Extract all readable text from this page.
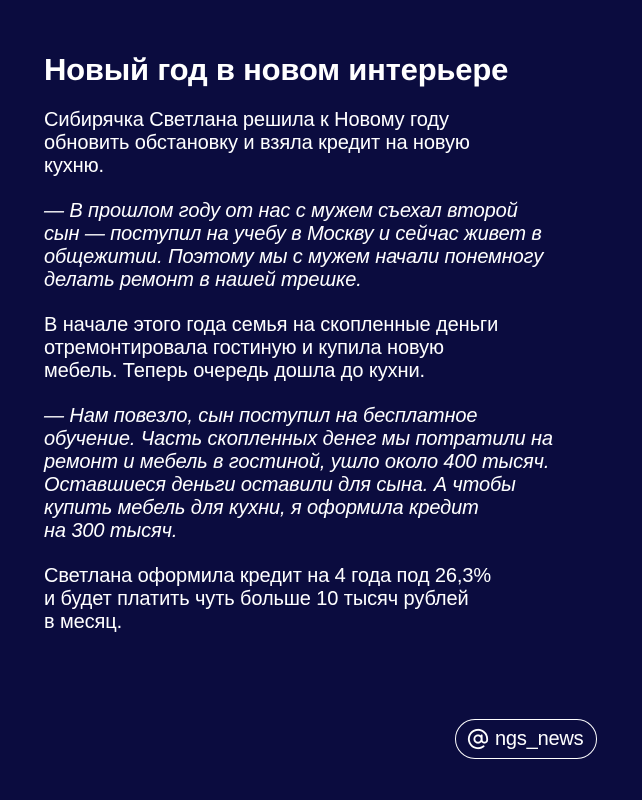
Новый год в новом интерьере

Сибирячка Светлана решила к Новому году
обновить обстановку и взяла кредит на новую
кухню.

— В прошлом году от нас с мужем съехал второй
сын — поступил на учебу в Москву и сейчас живет в
общежитии. Поэтому мы с мужем начали понемногу
делать ремонт в нашей трешке.

В начале этого года семья на скопленные деньги
отремонтировала гостиную и купила новую
мебель. Теперь очередь дошла до кухни.

— Нам повезло, сын поступил на бесплатное
обучение. Часть скопленных денег мы потратили на
ремонт и мебель в гостиной, ушло около 400 тысяч.
Оставшиеся деньги оставили для сына. А чтобы
купить мебель для кухни, я оформила кредит
на 300 тысяч.

Светлана оформила кредит на 4 года под 26,3%
и будет платить чуть больше 10 тысяч рублей
в месяц.

ngs_news
